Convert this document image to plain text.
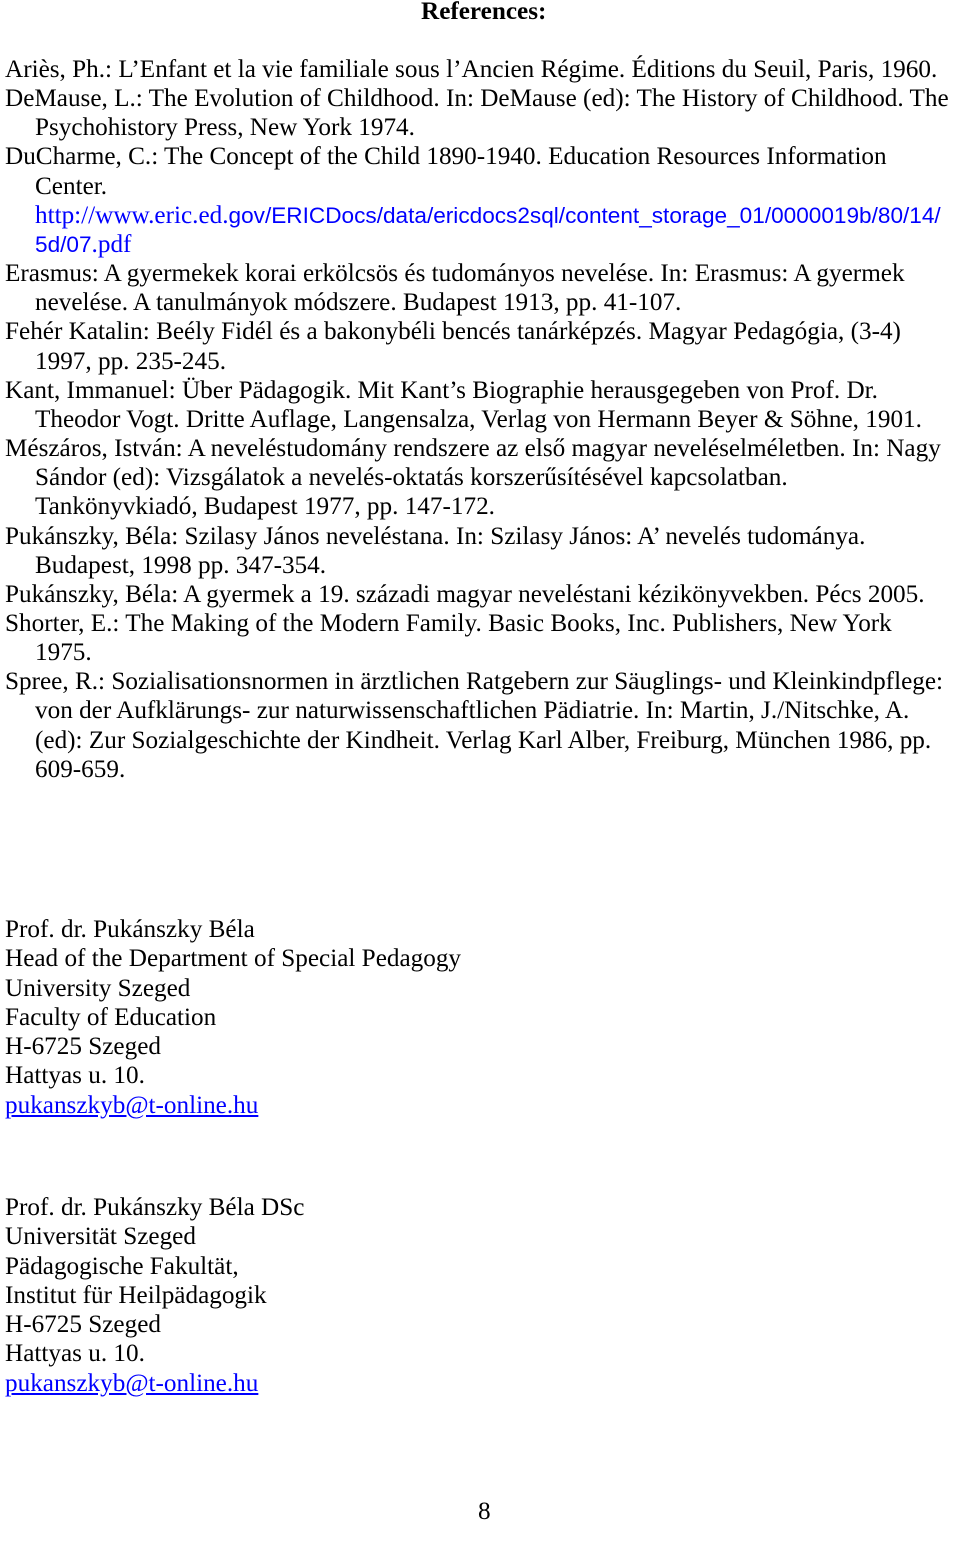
References:
Ariès, Ph.: L’Enfant et la vie familiale sous l’Ancien Régime. Éditions du Seuil, Paris, 1960.
DeMause, L.: The Evolution of Childhood. In: DeMause (ed): The History of Childhood. The
Psychohistory Press, New York 1974.
DuCharme, C.: The Concept of the Child 1890-1940. Education Resources Information
Center.
http://www.eric.ed.gov/ERICDocs/data/ericdocs2sql/content_storage_01/0000019b/80/14/
5d/07.pdf
Erasmus: A gyermekek korai erkölcsös és tudományos nevelése. In: Erasmus: A gyermek
nevelése. A tanulmányok módszere. Budapest 1913, pp. 41-107.
Fehér Katalin: Beély Fidél és a bakonybéli bencés tanárképzés. Magyar Pedagógia, (3-4)
1997, pp. 235-245.
Kant, Immanuel: Über Pädagogik. Mit Kant’s Biographie herausgegeben von Prof. Dr.
Theodor Vogt. Dritte Auflage, Langensalza, Verlag von Hermann Beyer & Söhne, 1901.
Mészáros, István: A neveléstudomány rendszere az első magyar neveléselméletben. In: Nagy
Sándor (ed): Vizsgálatok a nevelés-oktatás korszerűsítésével kapcsolatban.
Tankönyvkiadó, Budapest 1977, pp. 147-172.
Pukánszky, Béla: Szilasy János neveléstana. In: Szilasy János: A’ nevelés tudománya.
Budapest, 1998 pp. 347-354.
Pukánszky, Béla: A gyermek a 19. századi magyar neveléstani kézikönyvekben. Pécs 2005.
Shorter, E.: The Making of the Modern Family. Basic Books, Inc. Publishers, New York
1975.
Spree, R.: Sozialisationsnormen in ärztlichen Ratgebern zur Säuglings- und Kleinkindpflege:
von der Aufklärungs- zur naturwissenschaftlichen Pädiatrie. In: Martin, J./Nitschke, A.
(ed): Zur Sozialgeschichte der Kindheit. Verlag Karl Alber, Freiburg, München 1986, pp.
609-659.
Prof. dr. Pukánszky Béla
Head of the Department of Special Pedagogy
University Szeged
Faculty of Education
H-6725 Szeged
Hattyas u. 10.
pukanszkyb@t-online.hu
Prof. dr. Pukánszky Béla DSc
Universität Szeged
Pädagogische Fakultät,
Institut für Heilpädagogik
H-6725 Szeged
Hattyas u. 10.
pukanszkyb@t-online.hu
8
